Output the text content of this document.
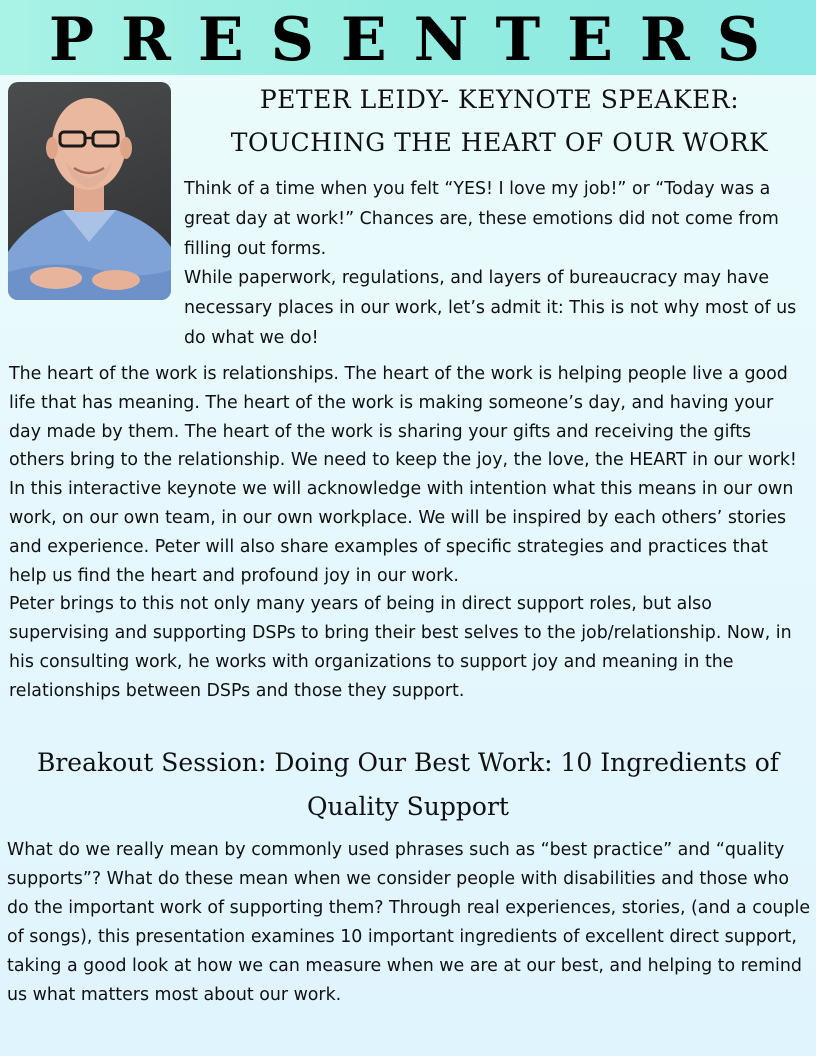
PRESENTERS
PETER LEIDY- KEYNOTE SPEAKER: TOUCHING THE HEART OF OUR WORK

Think of a time when you felt “YES! I love my job!” or “Today was a great day at work!” Chances are, these emotions did not come from filling out forms.

While paperwork, regulations, and layers of bureaucracy may have necessary places in our work, let’s admit it: This is not why most of us do what we do!

The heart of the work is relationships. The heart of the work is helping people live a good life that has meaning. The heart of the work is making someone’s day, and having your day made by them. The heart of the work is sharing your gifts and receiving the gifts others bring to the relationship. We need to keep the joy, the love, the HEART in our work!

In this interactive keynote we will acknowledge with intention what this means in our own work, on our own team, in our own workplace. We will be inspired by each others’ stories and experience. Peter will also share examples of specific strategies and practices that help us find the heart and profound joy in our work.

Peter brings to this not only many years of being in direct support roles, but also supervising and supporting DSPs to bring their best selves to the job/relationship. Now, in his consulting work, he works with organizations to support joy and meaning in the relationships between DSPs and those they support.

Breakout Session: Doing Our Best Work: 10 Ingredients of Quality Support

What do we really mean by commonly used phrases such as “best practice” and “quality supports”? What do these mean when we consider people with disabilities and those who do the important work of supporting them? Through real experiences, stories, (and a couple of songs), this presentation examines 10 important ingredients of excellent direct support, taking a good look at how we can measure when we are at our best, and helping to remind us what matters most about our work.
